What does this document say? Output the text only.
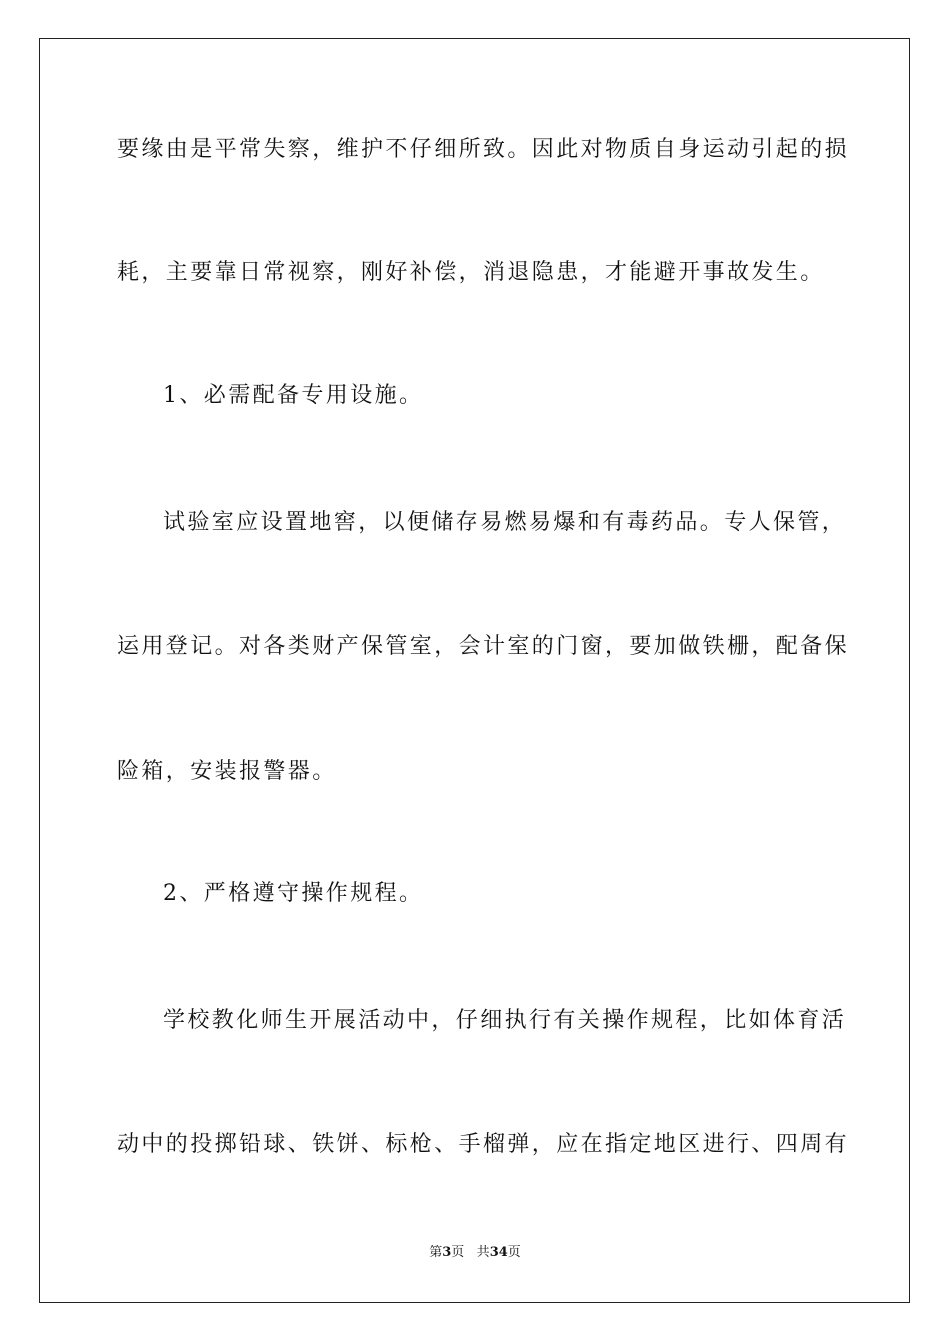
要缘由是平常失察，维护不仔细所致。因此对物质自身运动引起的损
耗，主要靠日常视察，刚好补偿，消退隐患，才能避开事故发生。
1、必需配备专用设施。
试验室应设置地窖，以便储存易燃易爆和有毒药品。专人保管，
运用登记。对各类财产保管室，会计室的门窗，要加做铁栅，配备保
险箱，安装报警器。
2、严格遵守操作规程。
学校教化师生开展活动中，仔细执行有关操作规程，比如体育活
动中的投掷铅球、铁饼、标枪、手榴弹，应在指定地区进行、四周有
第3页 共34页
